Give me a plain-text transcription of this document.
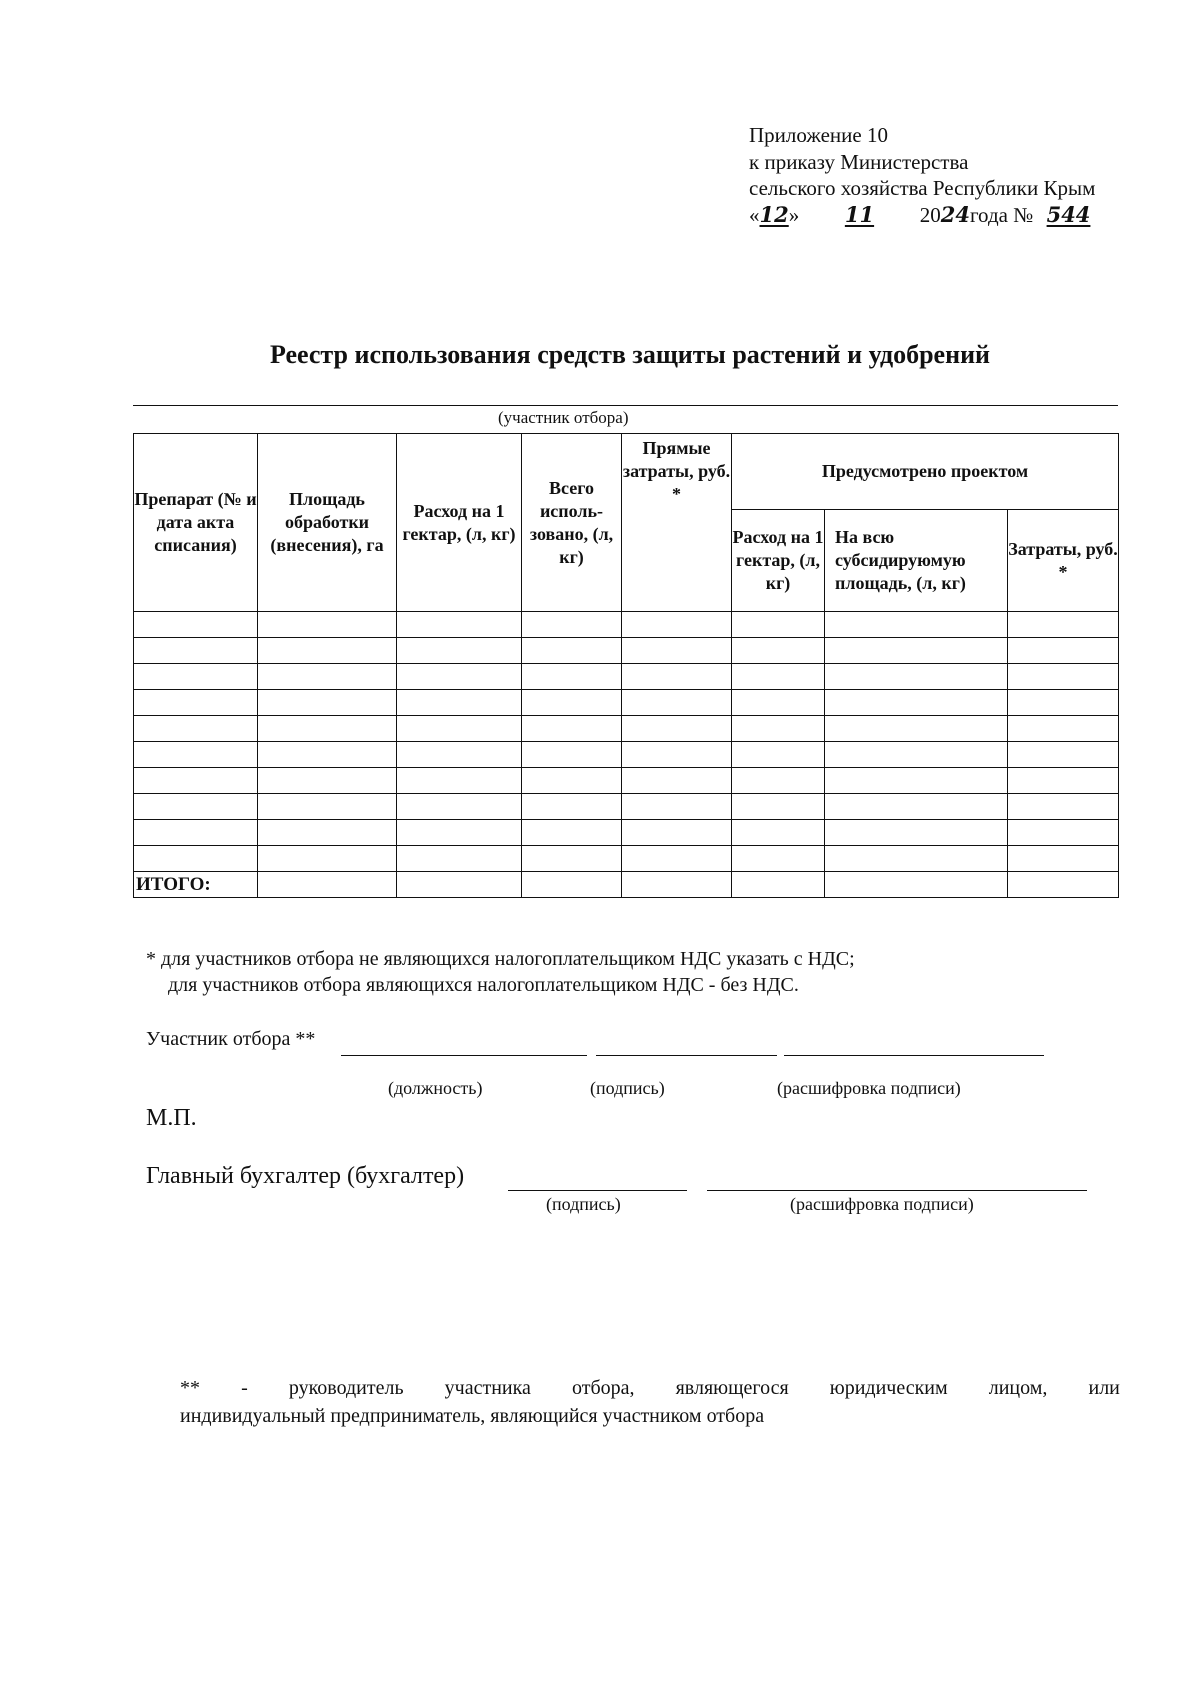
Приложение 10
к приказу Министерства
сельского хозяйства Республики Крым
«12» 11 2024года № 544
Реестр использования средств защиты растений и удобрений
(участник отбора)
Препарат (№ и дата акта списания)	Площадь обработки (внесения), га	Расход на 1 гектар, (л, кг)	Всего исполь-зовано, (л, кг)	Прямые затраты, руб. *	Предусмотрено проектом		
					Расход на 1 гектар, (л, кг)	На всю субсидируюмую площадь, (л, кг)	Затраты, руб. *

ИТОГО:							
* для участников отбора не являющихся налогоплательщиком НДС указать с НДС;
для участников отбора являющихся налогоплательщиком НДС - без НДС.
Участник отбора **
(должность)	(подпись)	(расшифровка подписи)
М.П.
Главный бухгалтер (бухгалтер)
(подпись)	(расшифровка подписи)
** - руководитель участника отбора, являющегося юридическим лицом, или
индивидуальный предприниматель, являющийся участником отбора
